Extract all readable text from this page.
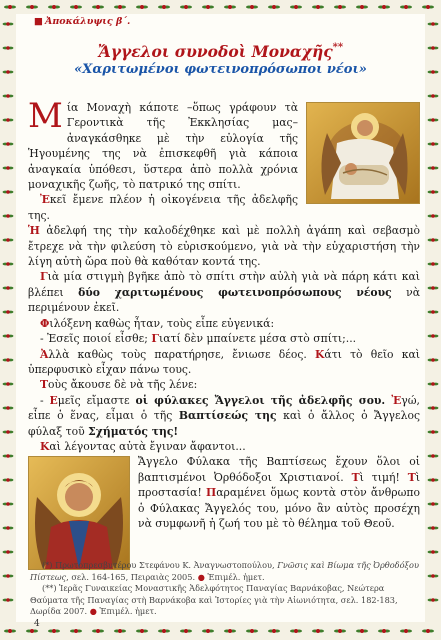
■ Ἀποκάλυψις β΄.
Ἄγγελοι συνοδοὶ Μοναχῆς**
«Χαριτωμένοι φωτεινοπρόσωποι νέοι»

Μία Μοναχὴ κάποτε –ὅπως γράφουν τὰ Γεροντικὰ τῆς Ἐκκλησίας μας– ἀναγκάσθηκε μὲ τὴν εὐλογία τῆς Ἡγουμένης της νὰ ἐπισκεφθῆ γιὰ κάποια ἀναγκαία ὑπόθεσι, ὕστερα ἀπὸ πολλὰ χρόνια μοναχικῆς ζωῆς, τὸ πατρικό της σπίτι.

Ἐκεῖ ἔμενε πλέον ἡ οἰκογένεια τῆς ἀδελφῆς της.

Ἡ ἀδελφή της τὴν καλοδέχθηκε καὶ μὲ πολλὴ ἀγάπη καὶ σεβασμὸ ἔτρεχε νὰ τὴν φιλεύση τὸ εὐρισκούμενο, γιὰ νὰ τὴν εὐχαριστήση τὴν λίγη αὐτὴ ὥρα ποὺ θὰ καθόταν κοντά της.

Γιὰ μία στιγμὴ βγῆκε ἀπὸ τὸ σπίτι στὴν αὐλὴ γιὰ νὰ πάρη κάτι καὶ βλέπει δύο χαριτωμένους φωτεινοπρόσωπους νέους νὰ περιμένουν ἐκεῖ.

Φιλόξενη καθὼς ἦταν, τοὺς εἶπε εὐγενικά:

- Ἐσεῖς ποιοί εἶσθε; Γιατί δὲν μπαίνετε μέσα στὸ σπίτι;...

Ἀλλὰ καθὼς τοὺς παρατήρησε, ἔνιωσε δέος. Κάτι τὸ θεῖο καὶ ὑπερφυσικὸ εἶχαν πάνω τους.

Τοὺς ἄκουσε δὲ νὰ τῆς λένε:

- Εμεῖς εἴμαστε οἱ φύλακες Ἄγγελοι τῆς ἀδελφῆς σου. Ἐγώ, εἶπε ὁ ἕνας, εἶμαι ὁ τῆς Βαπτίσεώς της καὶ ὁ ἄλλος ὁ Ἄγγελος φύλαξ τοῦ Σχήματός της!

Καὶ λέγοντας αὐτὰ ἔγιναν ἄφαντοι...

Ἄγγελο Φύλακα τῆς Βαπτίσεως ἔχουν ὅλοι οἱ βαπτισμένοι Ὀρθόδοξοι Χριστιανοί. Τὶ τιμή! Τὶ προστασία! Παραμένει ὅμως κοντὰ στὸν ἄνθρωπο ὁ Φύλακας Ἄγγελός του, μόνο ἂν αὐτὸς προσέχη νὰ συμφωνῆ ἡ ζωή του μὲ τὸ θέλημα τοῦ Θεοῦ.

(*) Πρωτοπρεσβυτέρου Στεφάνου Κ. Ἀναγνωστοπούλου, Γνῶσις καὶ Βίωμα τῆς Ὀρθοδόξου Πίστεως, σελ. 164-165, Πειραιὰς 2005. ● Ἐπιμέλ. ἡμετ.

(**) Ἱερᾶς Γυναικείας Μοναστικῆς Ἀδελφότητος Παναγίας Βαρνάκοβας, Νεώτερα Θαύματα τῆς Παναγίας στὴ Βαρνάκοβα καὶ Ἱστορίες γιὰ τὴν Αἰωνιότητα, σελ. 182-183, Δωρίδα 2007. ● Ἐπιμέλ. ἡμετ.

4
